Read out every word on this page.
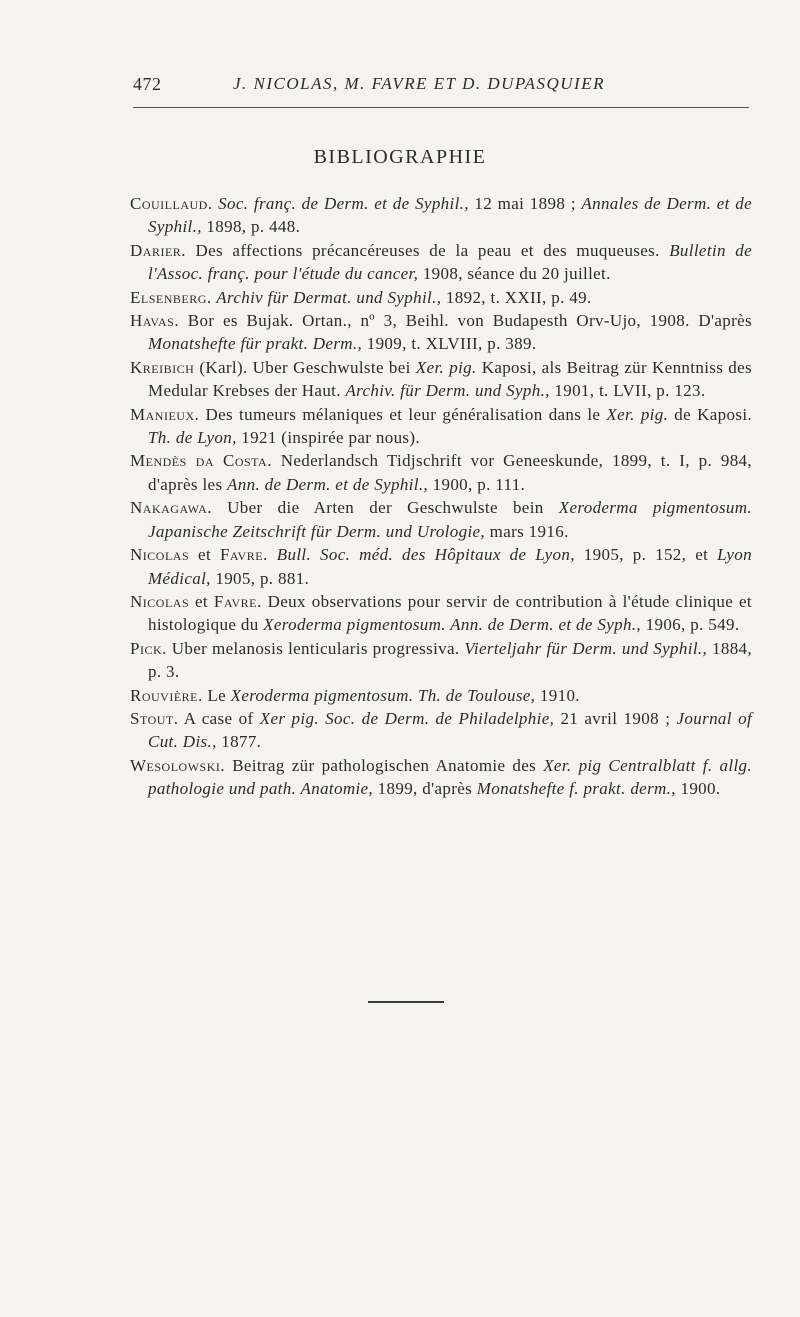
472	J. NICOLAS, M. FAVRE ET D. DUPASQUIER
BIBLIOGRAPHIE
Couillaud. Soc. franç. de Derm. et de Syphil., 12 mai 1898 ; Annales de Derm. et de Syphil., 1898, p. 448.
Darier. Des affections précancéreuses de la peau et des muqueuses. Bulletin de l'Assoc. franç. pour l'étude du cancer, 1908, séance du 20 juillet.
Elsenberg. Archiv für Dermat. und Syphil., 1892, t. XXII, p. 49.
Havas. Bor es Bujak. Ortan., nº 3, Beihl. von Budapesth Orv-Ujo, 1908. D'après Monatshefte für prakt. Derm., 1909, t. XLVIII, p. 389.
Kreibich (Karl). Uber Geschwulste bei Xer. pig. Kaposi, als Beitrag zür Kenntniss des Medular Krebses der Haut. Archiv. für Derm. und Syph., 1901, t. LVII, p. 123.
Manieux. Des tumeurs mélaniques et leur généralisation dans le Xer. pig. de Kaposi. Th. de Lyon, 1921 (inspirée par nous).
Mendès da Costa. Nederlandsch Tidjschrift vor Geneeskunde, 1899, t. I, p. 984, d'après les Ann. de Derm. et de Syphil., 1900, p. 111.
Nakagawa. Uber die Arten der Geschwulste bein Xeroderma pigmentosum. Japanische Zeitschrift für Derm. und Urologie, mars 1916.
Nicolas et Favre. Bull. Soc. méd. des Hôpitaux de Lyon, 1905, p. 152, et Lyon Médical, 1905, p. 881.
Nicolas et Favre. Deux observations pour servir de contribution à l'étude clinique et histologique du Xeroderma pigmentosum. Ann. de Derm. et de Syph., 1906, p. 549.
Pick. Uber melanosis lenticularis progressiva. Vierteljahr für Derm. und Syphil., 1884, p. 3.
Rouvière. Le Xeroderma pigmentosum. Th. de Toulouse, 1910.
Stout. A case of Xer pig. Soc. de Derm. de Philadelphie, 21 avril 1908 ; Journal of Cut. Dis., 1877.
Wesolowski. Beitrag zür pathologischen Anatomie des Xer. pig Centralblatt f. allg. pathologie und path. Anatomie, 1899, d'après Monatshefte f. prakt. derm., 1900.
